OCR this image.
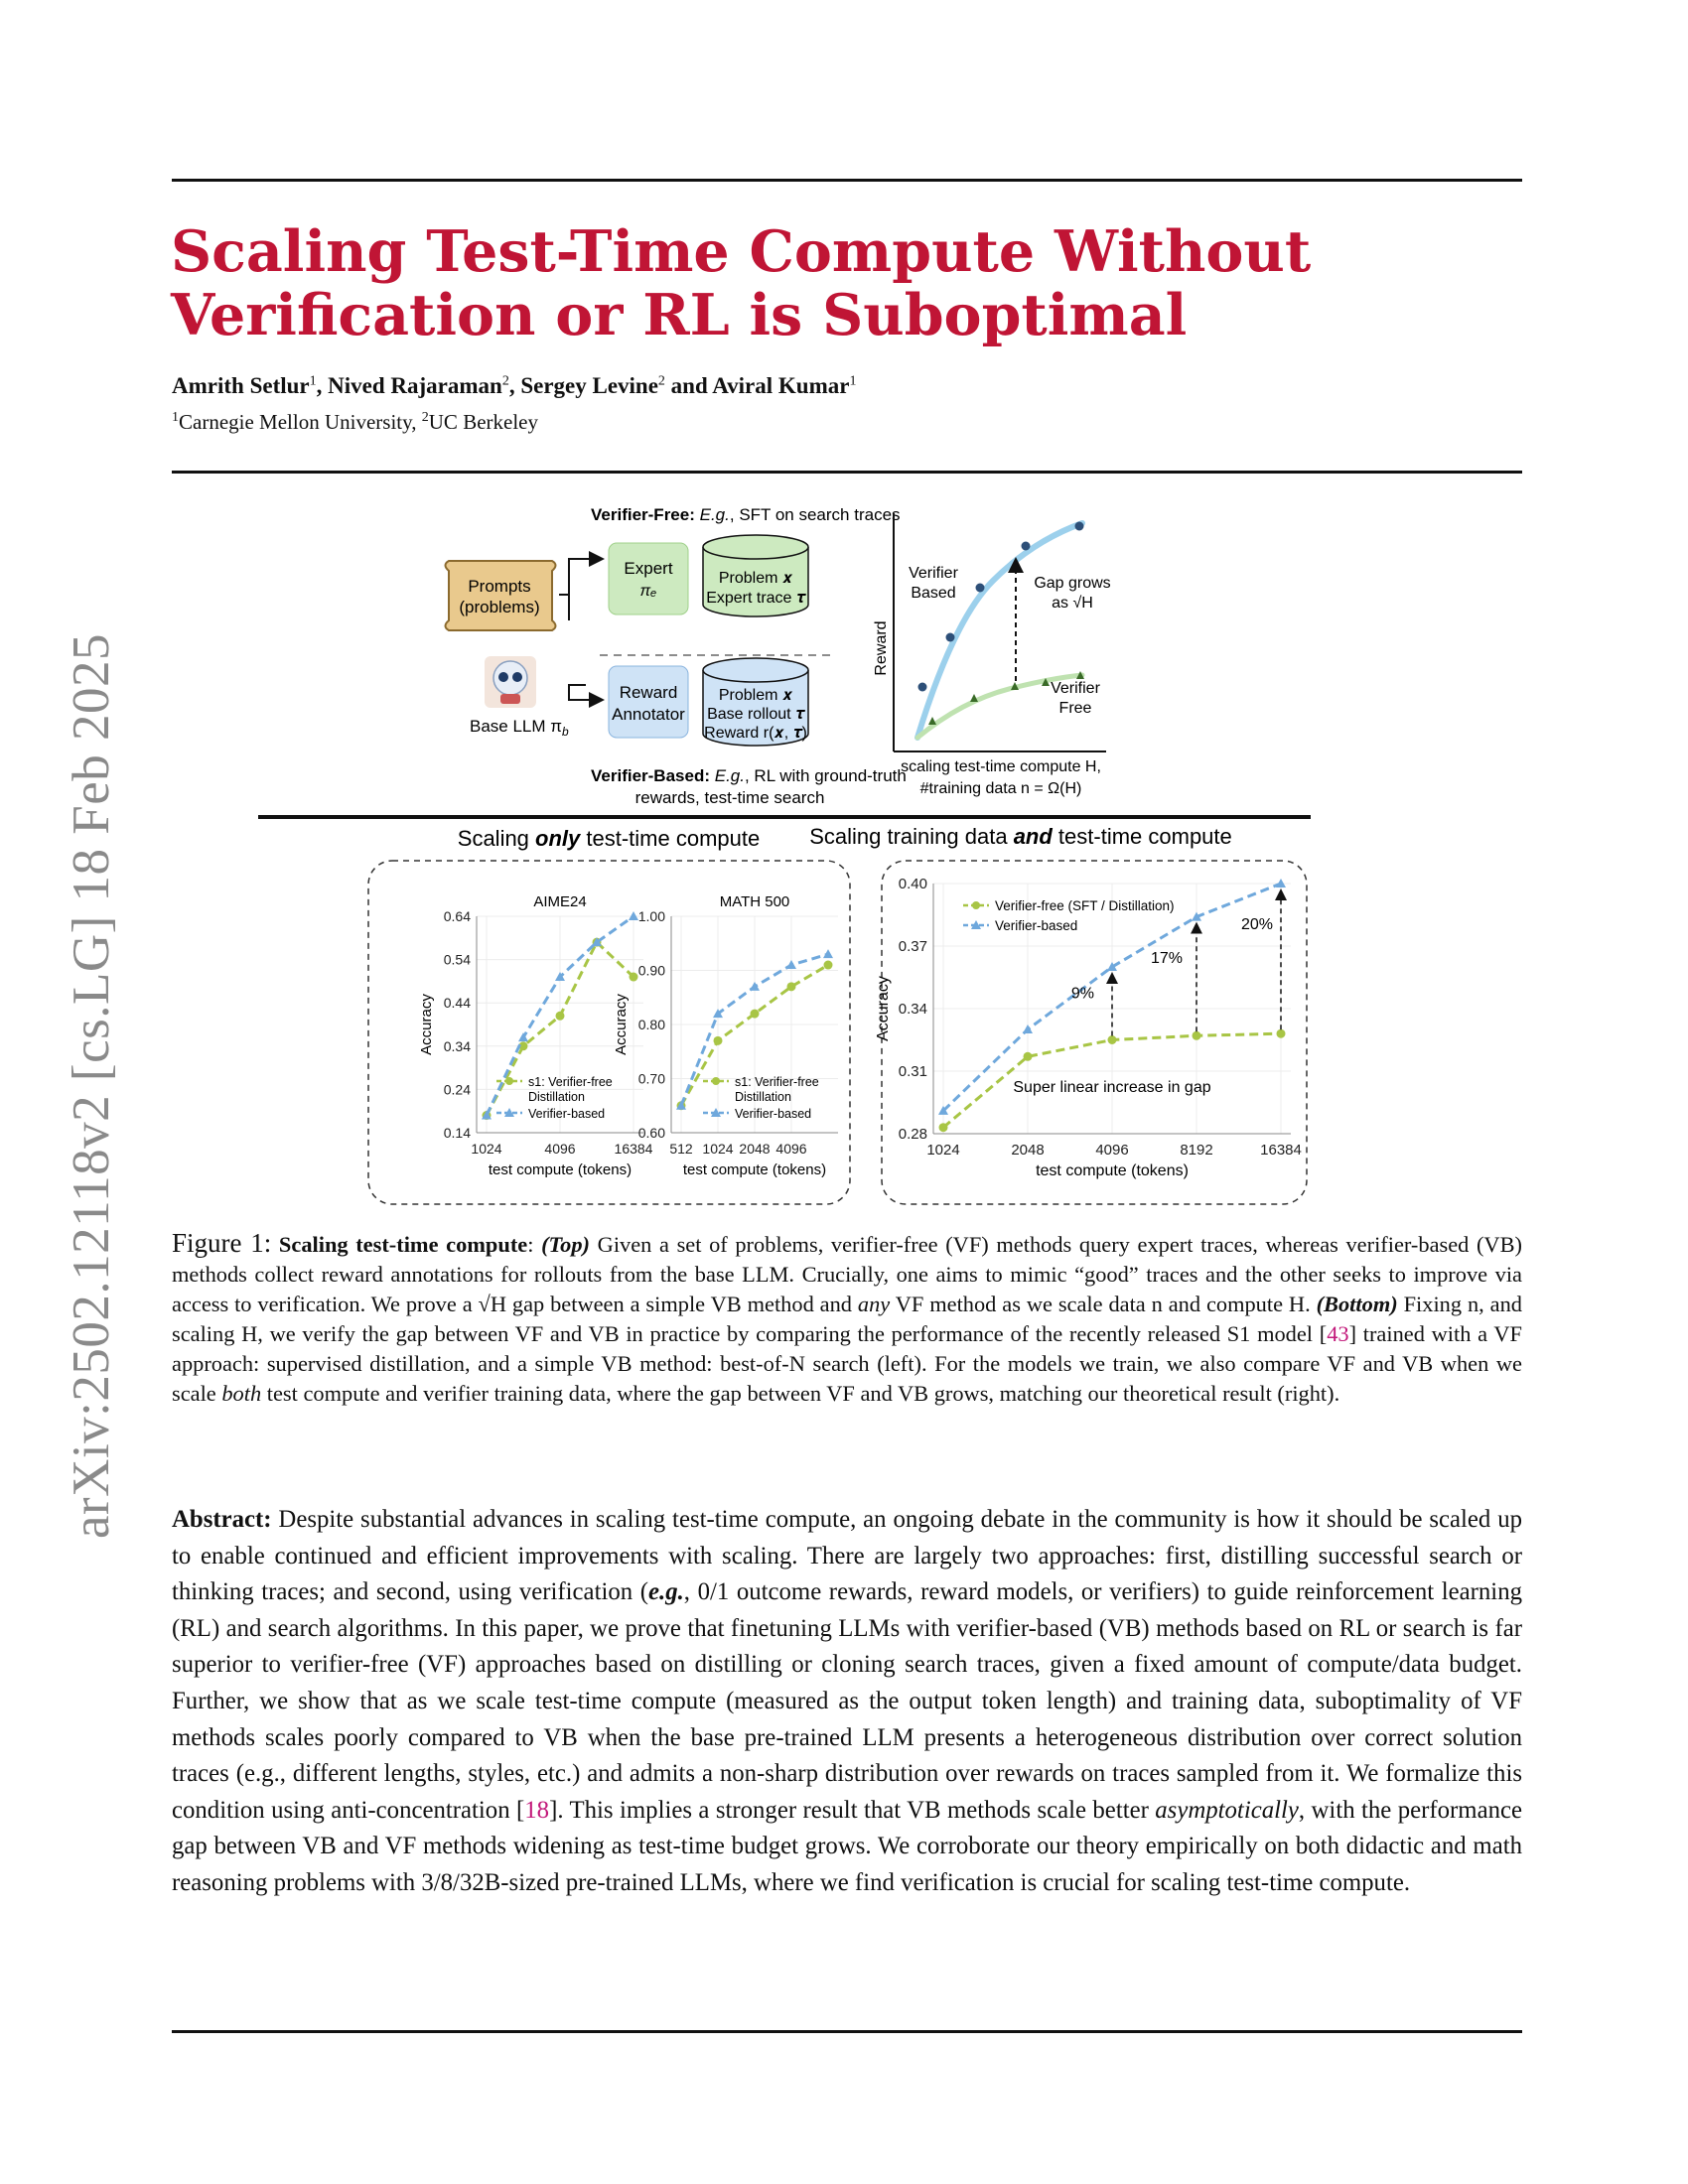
arXiv:2502.12118v2 [cs.LG] 18 Feb 2025
Scaling Test-Time Compute Without Verification or RL is Suboptimal
Amrith Setlur$^1$, Nived Rajaraman$^2$, Sergey Levine$^2$ and Aviral Kumar$^1$
$^1$Carnegie Mellon University, $^2$UC Berkeley
Verifier-Free: E.g., SFT on search traces
Prompts
(problems)
Expert
πₑ
Problem 𝒙
Expert trace 𝝉
Base LLM $\pi_b$
Reward
Annotator
Problem 𝒙
Base rollout 𝝉
Reward r(𝒙, 𝝉)
Verifier-Based: E.g., RL with ground-truth
rewards, test-time search
Reward
Verifier
Based
Gap grows
as √H
Verifier
Free
scaling test-time compute H,
#training data n = Ω(H)
Scaling only test-time compute Scaling training data and test-time compute
0.14
0.24
0.34
0.44
0.54
0.64
1024	4096	16384
AIME24
test compute (tokens)
Accuracy
s1: Verifier-free
Distillation
Verifier-based
0.60
0.70
0.80
0.90
1.00
512 1024 2048 4096
MATH 500
test compute (tokens)
Accuracy
s1: Verifier-free
Distillation
Verifier-based
0.28
0.31
0.34
0.37
0.40
1024	2048	4096	8192	16384
test compute (tokens)
Accuracy
Verifier-free (SFT / Distillation)
Verifier-based
9%
17%
20%
Super linear increase in gap
Figure 1: Scaling test-time compute: (Top) Given a set of problems, verifier-free (VF) methods query expert traces, whereas verifier-based (VB) methods collect reward annotations for rollouts from the base LLM. Crucially, one aims to mimic “good” traces and the other seeks to improve via access to verification. We prove a √H gap between a simple VB method and any VF method as we scale data n and compute H. (Bottom) Fixing n, and scaling H, we verify the gap between VF and VB in practice by comparing the performance of the recently released S1 model [43] trained with a VF approach: supervised distillation, and a simple VB method: best-of-N search (left). For the models we train, we also compare VF and VB when we scale both test compute and verifier training data, where the gap between VF and VB grows, matching our theoretical result (right).
Abstract: Despite substantial advances in scaling test-time compute, an ongoing debate in the community is how it should be scaled up to enable continued and efficient improvements with scaling. There are largely two approaches: first, distilling successful search or thinking traces; and second, using verification (e.g., 0/1 outcome rewards, reward models, or verifiers) to guide reinforcement learning (RL) and search algorithms. In this paper, we prove that finetuning LLMs with verifier-based (VB) methods based on RL or search is far superior to verifier-free (VF) approaches based on distilling or cloning search traces, given a fixed amount of compute/data budget. Further, we show that as we scale test-time compute (measured as the output token length) and training data, suboptimality of VF methods scales poorly compared to VB when the base pre-trained LLM presents a heterogeneous distribution over correct solution traces (e.g., different lengths, styles, etc.) and admits a non-sharp distribution over rewards on traces sampled from it. We formalize this condition using anti-concentration [18]. This implies a stronger result that VB methods scale better asymptotically, with the performance gap between VB and VF methods widening as test-time budget grows. We corroborate our theory empirically on both didactic and math reasoning problems with 3/8/32B-sized pre-trained LLMs, where we find verification is crucial for scaling test-time compute.
